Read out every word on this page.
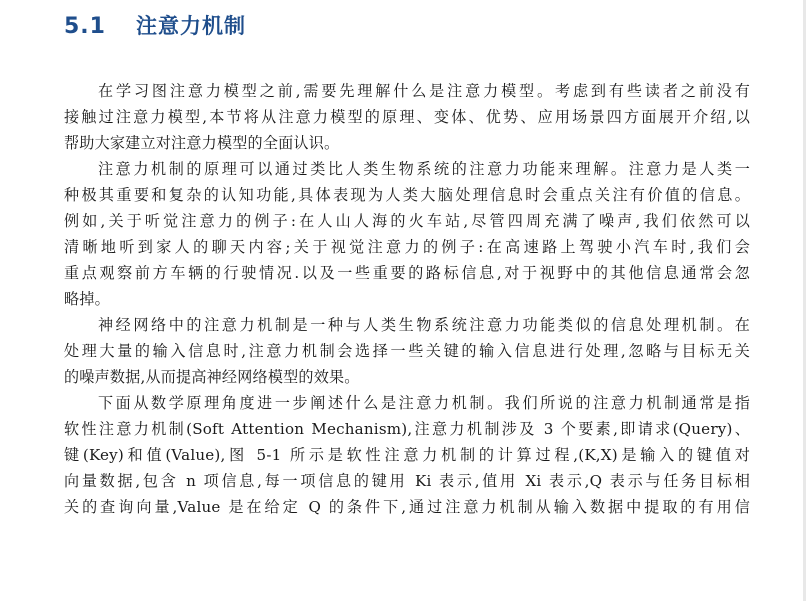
5.1 注意力机制
在学习图注意力模型之前,需要先理解什么是注意力模型。考虑到有些读者之前没有
接触过注意力模型,本节将从注意力模型的原理、变体、优势、应用场景四方面展开介绍,以
帮助大家建立对注意力模型的全面认识。
注意力机制的原理可以通过类比人类生物系统的注意力功能来理解。注意力是人类一
种极其重要和复杂的认知功能,具体表现为人类大脑处理信息时会重点关注有价值的信息。
例如,关于听觉注意力的例子:在人山人海的火车站,尽管四周充满了噪声,我们依然可以
清晰地听到家人的聊天内容;关于视觉注意力的例子:在高速路上驾驶小汽车时,我们会
重点观察前方车辆的行驶情况.以及一些重要的路标信息,对于视野中的其他信息通常会忽
略掉。
神经网络中的注意力机制是一种与人类生物系统注意力功能类似的信息处理机制。在
处理大量的输入信息时,注意力机制会选择一些关键的输入信息进行处理,忽略与目标无关
的噪声数据,从而提高神经网络模型的效果。
下面从数学原理角度进一步阐述什么是注意力机制。我们所说的注意力机制通常是指
软性注意力机制(Soft Attention Mechanism),注意力机制涉及 3 个要素,即请求(Query)、
键(Key)和值(Value),图 5-1 所示是软性注意力机制的计算过程,(K,X)是输入的键值对
向量数据,包含 n 项信息,每一项信息的键用 Ki 表示,值用 Xi 表示,Q 表示与任务目标相
关的查询向量,Value 是在给定 Q 的条件下,通过注意力机制从输入数据中提取的有用信
